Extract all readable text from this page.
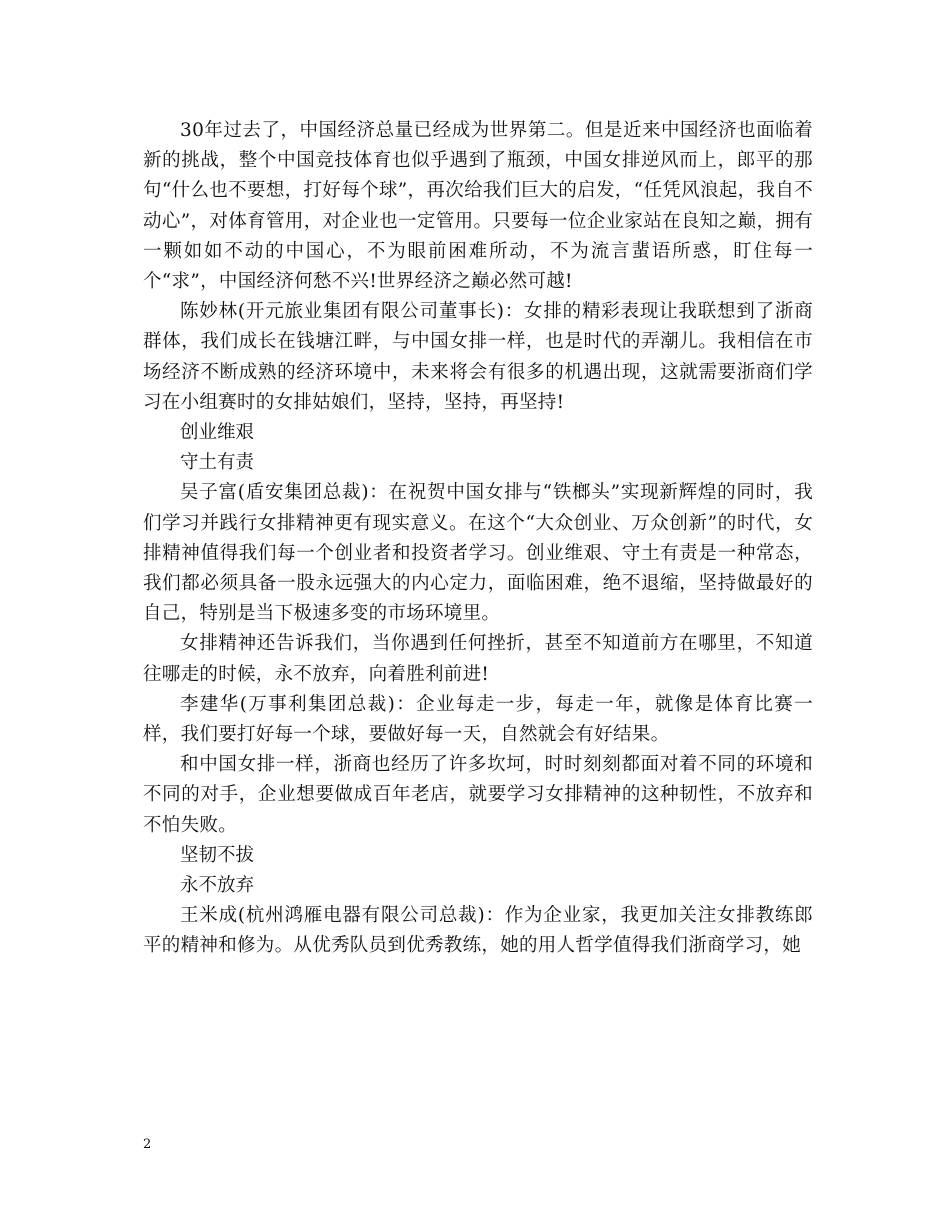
30年过去了，中国经济总量已经成为世界第二。但是近来中国经济也面临着新的挑战，整个中国竞技体育也似乎遇到了瓶颈，中国女排逆风而上，郎平的那句“什么也不要想，打好每个球”，再次给我们巨大的启发，“任凭风浪起，我自不动心”，对体育管用，对企业也一定管用。只要每一位企业家站在良知之巅，拥有一颗如如不动的中国心，不为眼前困难所动，不为流言蜚语所惑，盯住每一个“求”，中国经济何愁不兴!世界经济之巅必然可越!

陈妙林(开元旅业集团有限公司董事长)：女排的精彩表现让我联想到了浙商群体，我们成长在钱塘江畔，与中国女排一样，也是时代的弄潮儿。我相信在市场经济不断成熟的经济环境中，未来将会有很多的机遇出现，这就需要浙商们学习在小组赛时的女排姑娘们，坚持，坚持，再坚持!

创业维艰

守土有责

吴子富(盾安集团总裁)：在祝贺中国女排与“铁榔头”实现新辉煌的同时，我们学习并践行女排精神更有现实意义。在这个“大众创业、万众创新”的时代，女排精神值得我们每一个创业者和投资者学习。创业维艰、守土有责是一种常态，我们都必须具备一股永远强大的内心定力，面临困难，绝不退缩，坚持做最好的自己，特别是当下极速多变的市场环境里。

女排精神还告诉我们，当你遇到任何挫折，甚至不知道前方在哪里，不知道往哪走的时候，永不放弃，向着胜利前进!

李建华(万事利集团总裁)：企业每走一步，每走一年，就像是体育比赛一样，我们要打好每一个球，要做好每一天，自然就会有好结果。

和中国女排一样，浙商也经历了许多坎坷，时时刻刻都面对着不同的环境和不同的对手，企业想要做成百年老店，就要学习女排精神的这种韧性，不放弃和不怕失败。

坚韧不拔

永不放弃

王米成(杭州鸿雁电器有限公司总裁)：作为企业家，我更加关注女排教练郎平的精神和修为。从优秀队员到优秀教练，她的用人哲学值得我们浙商学习，她

2
